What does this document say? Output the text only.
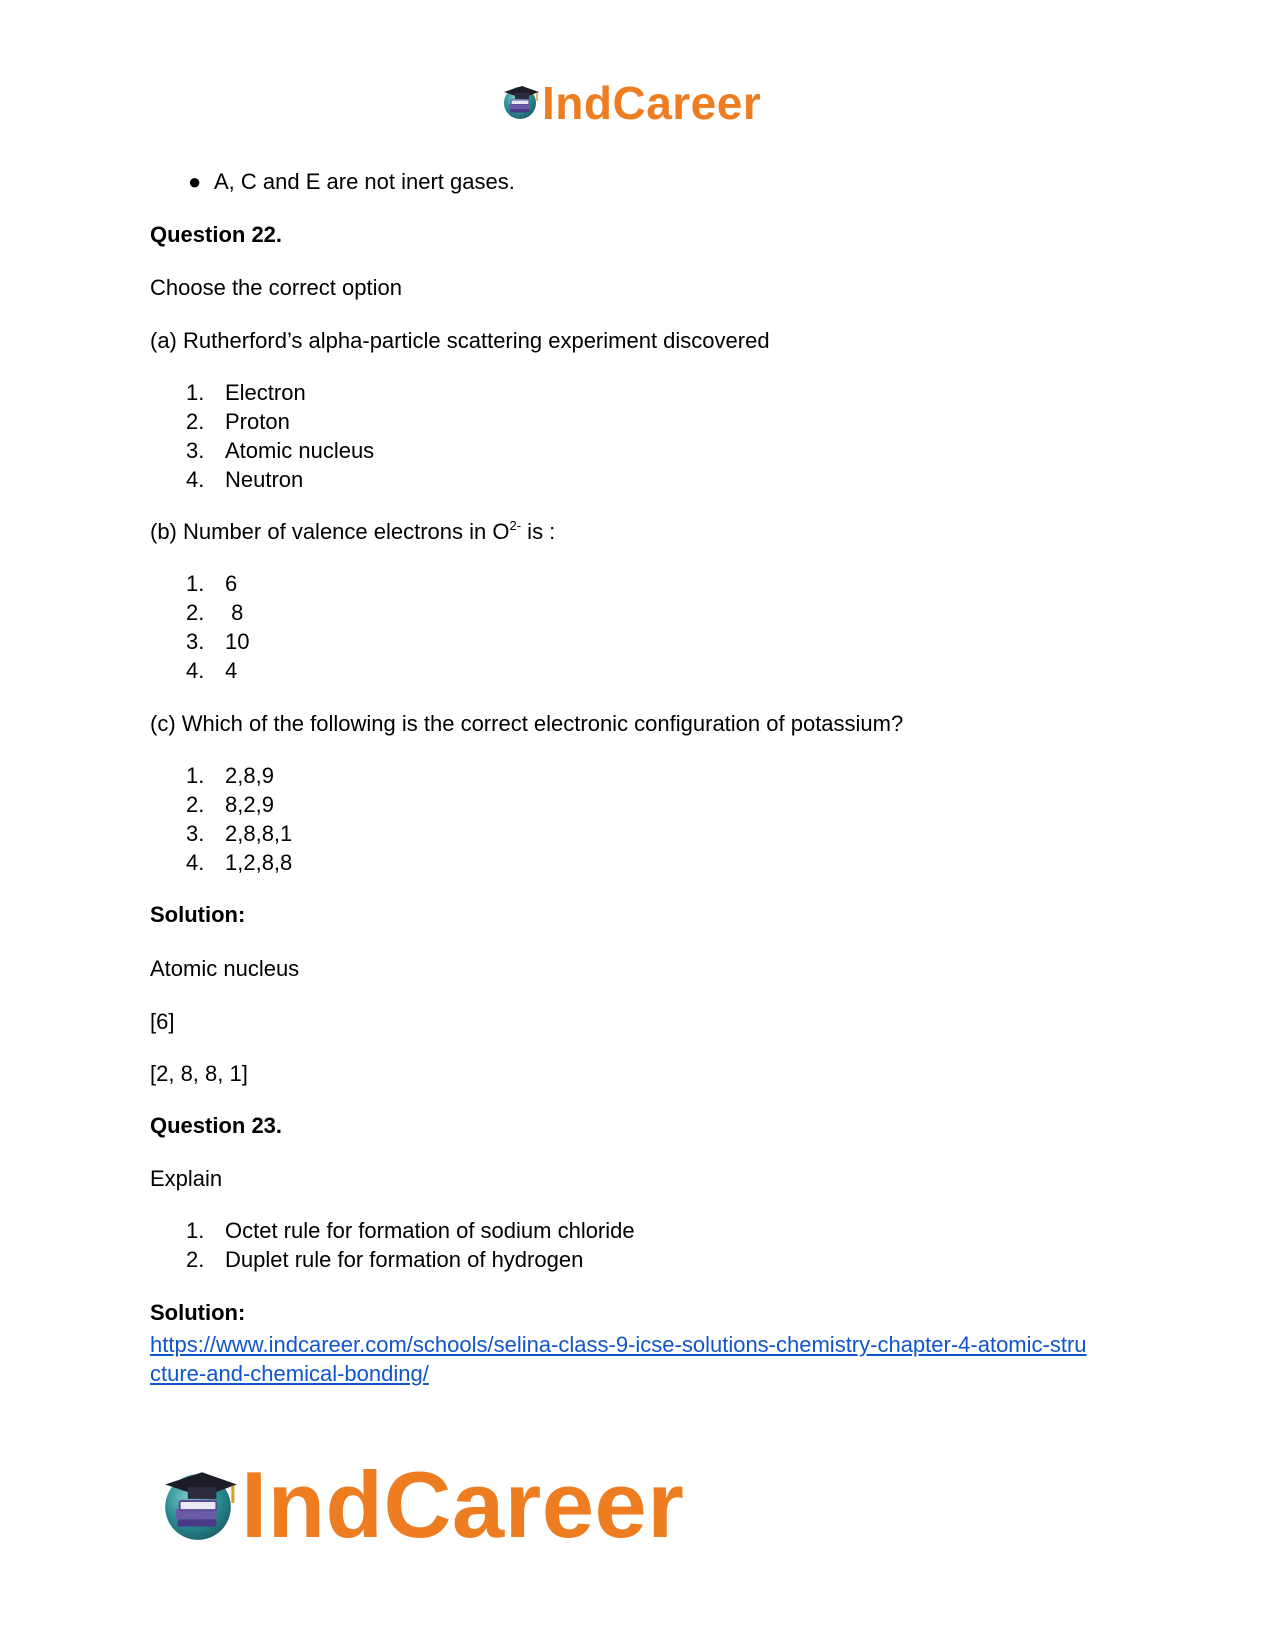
IndCareer
● A, C and E are not inert gases.
Question 22.
Choose the correct option
(a) Rutherford’s alpha-particle scattering experiment discovered
1. Electron
2. Proton
3. Atomic nucleus
4. Neutron
(b) Number of valence electrons in $O^{2-}$ is :
1. 6
2. 8
3. 10
4. 4
(c) Which of the following is the correct electronic configuration of potassium?
1. 2,8,9
2. 8,2,9
3. 2,8,8,1
4. 1,2,8,8
Solution:
Atomic nucleus
[6]
[2, 8, 8, 1]
Question 23.
Explain
1. Octet rule for formation of sodium chloride
2. Duplet rule for formation of hydrogen
Solution:
https://www.indcareer.com/schools/selina-class-9-icse-solutions-chemistry-chapter-4-atomic-stru
cture-and-chemical-bonding/
IndCareer
